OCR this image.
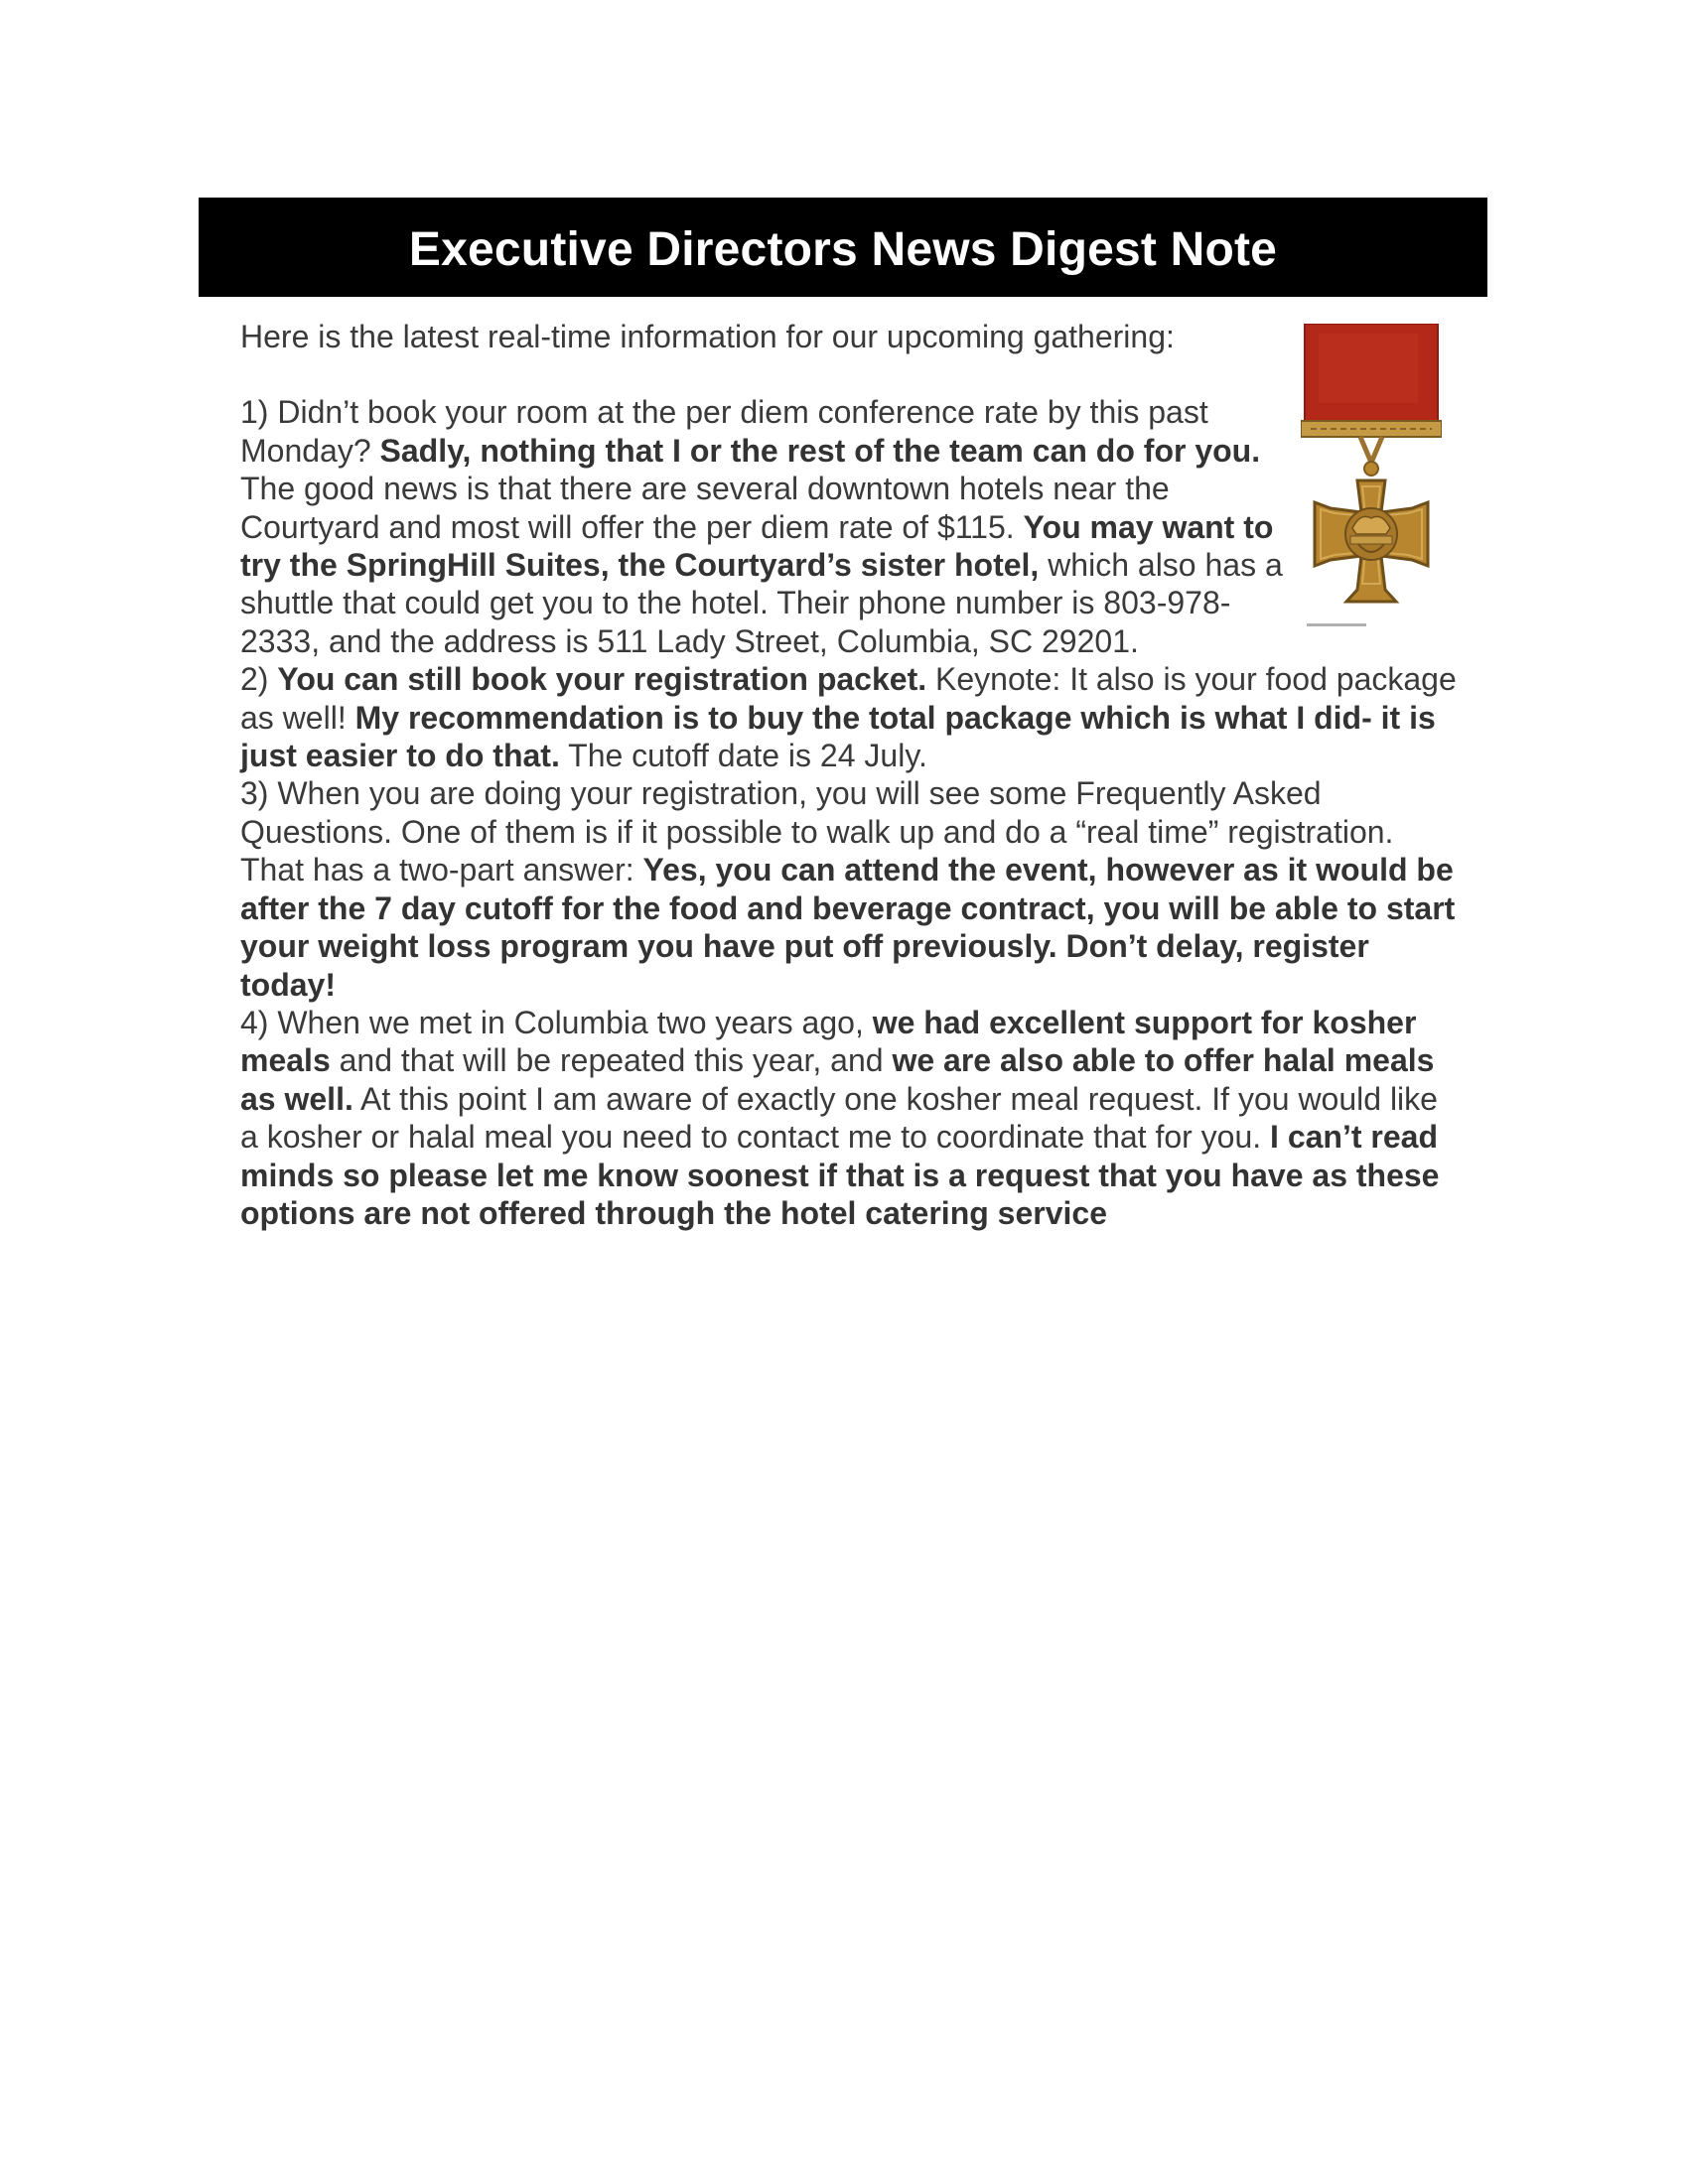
Executive Directors News Digest Note

Here is the latest real-time information for our upcoming gathering:

1) Didn’t book your room at the per diem conference rate by this past Monday? Sadly, nothing that I or the rest of the team can do for you. The good news is that there are several downtown hotels near the Courtyard and most will offer the per diem rate of $115. You may want to try the SpringHill Suites, the Courtyard’s sister hotel, which also has a shuttle that could get you to the hotel. Their phone number is 803-978-2333, and the address is 511 Lady Street, Columbia, SC 29201.

2) You can still book your registration packet. Keynote: It also is your food package as well! My recommendation is to buy the total package which is what I did- it is just easier to do that. The cutoff date is 24 July.

3) When you are doing your registration, you will see some Frequently Asked Questions. One of them is if it possible to walk up and do a “real time” registration. That has a two-part answer: Yes, you can attend the event, however as it would be after the 7 day cutoff for the food and beverage contract, you will be able to start your weight loss program you have put off previously. Don’t delay, register today!

4) When we met in Columbia two years ago, we had excellent support for kosher meals and that will be repeated this year, and we are also able to offer halal meals as well. At this point I am aware of exactly one kosher meal request. If you would like a kosher or halal meal you need to contact me to coordinate that for you. I can’t read minds so please let me know soonest if that is a request that you have as these options are not offered through the hotel catering service
